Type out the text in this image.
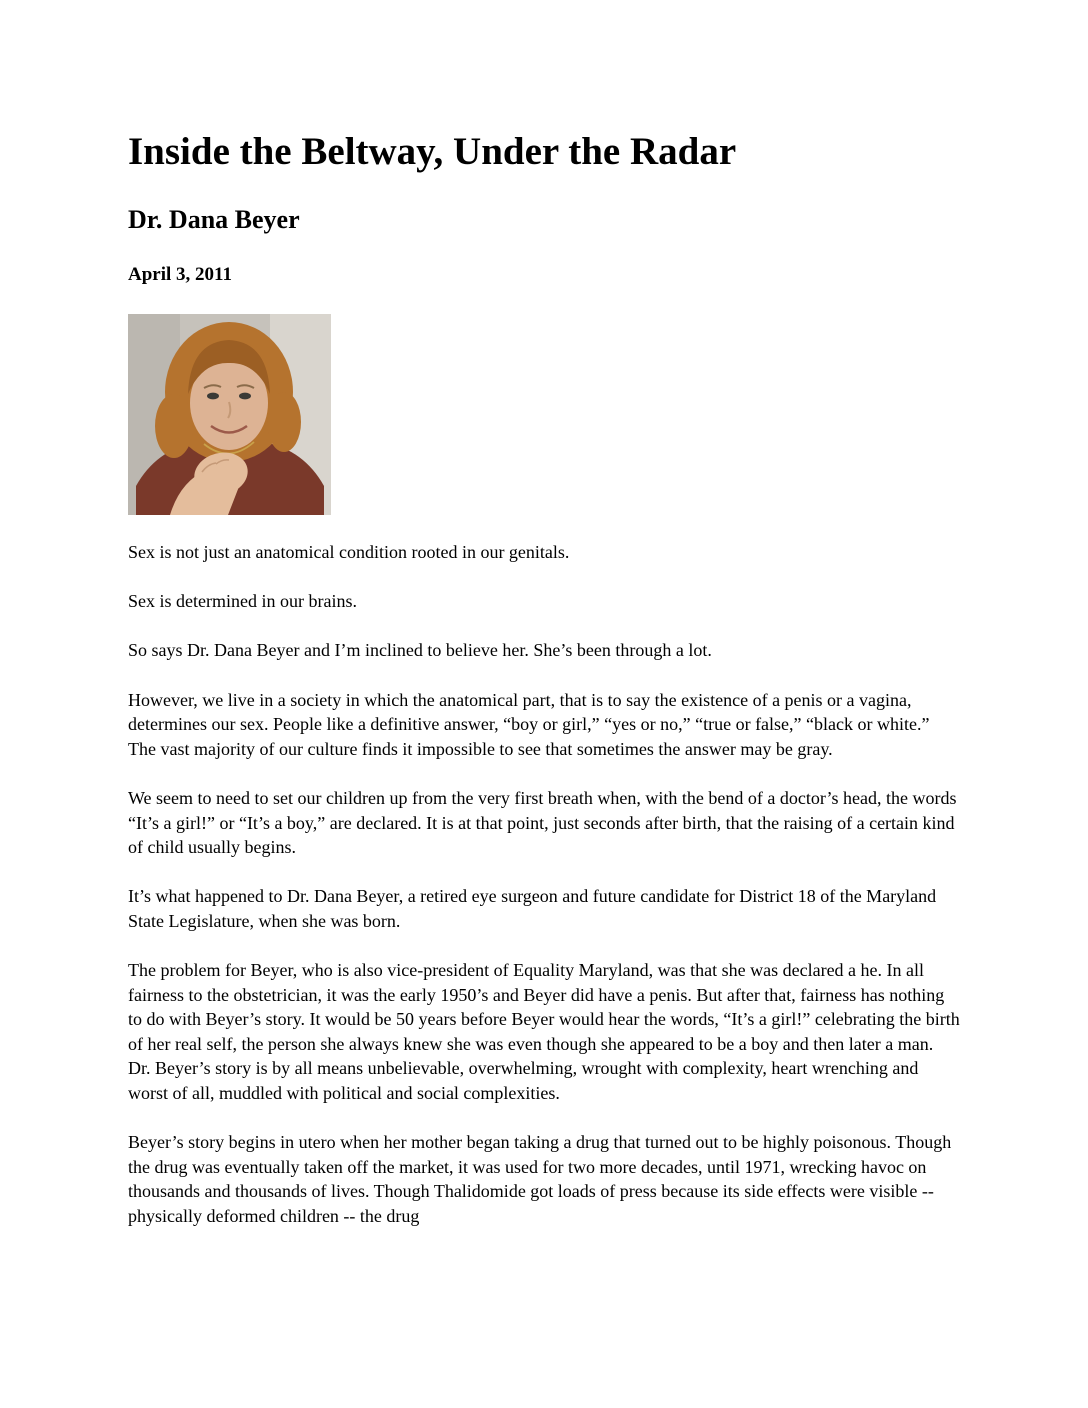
Inside the Beltway, Under the Radar
Dr. Dana Beyer
April 3, 2011

Sex is not just an anatomical condition rooted in our genitals.

Sex is determined in our brains.

So says Dr. Dana Beyer and I’m inclined to believe her. She’s been through a lot.

However, we live in a society in which the anatomical part, that is to say the existence of a penis or a vagina, determines our sex. People like a definitive answer, “boy or girl,” “yes or no,” “true or false,” “black or white.” The vast majority of our culture finds it impossible to see that sometimes the answer may be gray.

We seem to need to set our children up from the very first breath when, with the bend of a doctor’s head, the words “It’s a girl!” or “It’s a boy,” are declared. It is at that point, just seconds after birth, that the raising of a certain kind of child usually begins.

It’s what happened to Dr. Dana Beyer, a retired eye surgeon and future candidate for District 18 of the Maryland State Legislature, when she was born.

The problem for Beyer, who is also vice-president of Equality Maryland, was that she was declared a he. In all fairness to the obstetrician, it was the early 1950’s and Beyer did have a penis. But after that, fairness has nothing to do with Beyer’s story. It would be 50 years before Beyer would hear the words, “It’s a girl!” celebrating the birth of her real self, the person she always knew she was even though she appeared to be a boy and then later a man. Dr. Beyer’s story is by all means unbelievable, overwhelming, wrought with complexity, heart wrenching and worst of all, muddled with political and social complexities.

Beyer’s story begins in utero when her mother began taking a drug that turned out to be highly poisonous. Though the drug was eventually taken off the market, it was used for two more decades, until 1971, wrecking havoc on thousands and thousands of lives. Though Thalidomide got loads of press because its side effects were visible -- physically deformed children -- the drug
